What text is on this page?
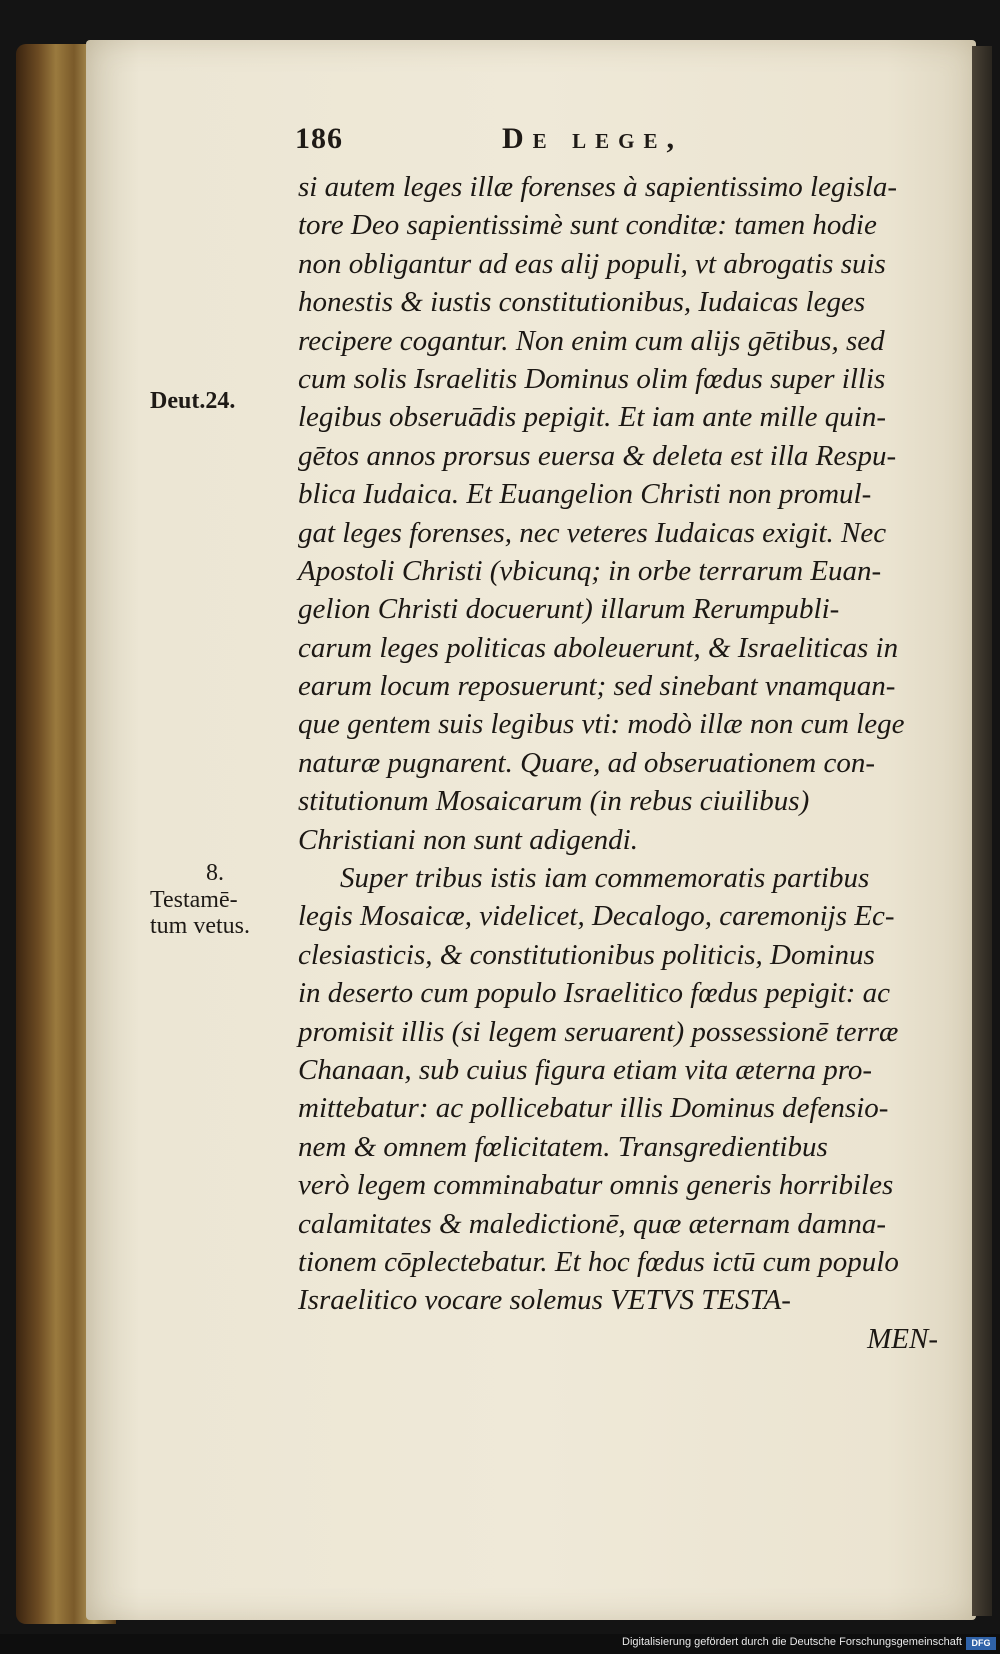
186	De lege,
Deut.24.
8.
Testamē-
tum vetus.
si autem leges illæ forenses à sapientissimo legisla-
tore Deo sapientissimè sunt conditæ: tamen hodie
non obligantur ad eas alij populi, vt abrogatis suis
honestis & iustis constitutionibus, Iudaicas leges
recipere cogantur. Non enim cum alijs gētibus, sed
cum solis Israelitis Dominus olim fœdus super illis
legibus obseruādis pepigit. Et iam ante mille quin-
gētos annos prorsus euersa & deleta est illa Respu-
blica Iudaica. Et Euangelion Christi non promul-
gat leges forenses, nec veteres Iudaicas exigit. Nec
Apostoli Christi (vbicunq; in orbe terrarum Euan-
gelion Christi docuerunt) illarum Rerumpubli-
carum leges politicas aboleuerunt, & Israeliticas in
earum locum reposuerunt; sed sinebant vnamquan-
que gentem suis legibus vti: modò illæ non cum lege
naturæ pugnarent. Quare, ad obseruationem con-
stitutionum Mosaicarum (in rebus ciuilibus)
Christiani non sunt adigendi.
Super tribus istis iam commemoratis partibus
legis Mosaicæ, videlicet, Decalogo, caremonijs Ec-
clesiasticis, & constitutionibus politicis, Dominus
in deserto cum populo Israelitico fœdus pepigit: ac
promisit illis (si legem seruarent) possessionē terræ
Chanaan, sub cuius figura etiam vita æterna pro-
mittebatur: ac pollicebatur illis Dominus defensio-
nem & omnem fœlicitatem. Transgredientibus
verò legem comminabatur omnis generis horribiles
calamitates & maledictionē, quæ æternam damna-
tionem cōplectebatur. Et hoc fœdus ictū cum populo
Israelitico vocare solemus VETVS TESTA-
MEN-
Digitalisierung gefördert durch die Deutsche Forschungsgemeinschaft	DFG
